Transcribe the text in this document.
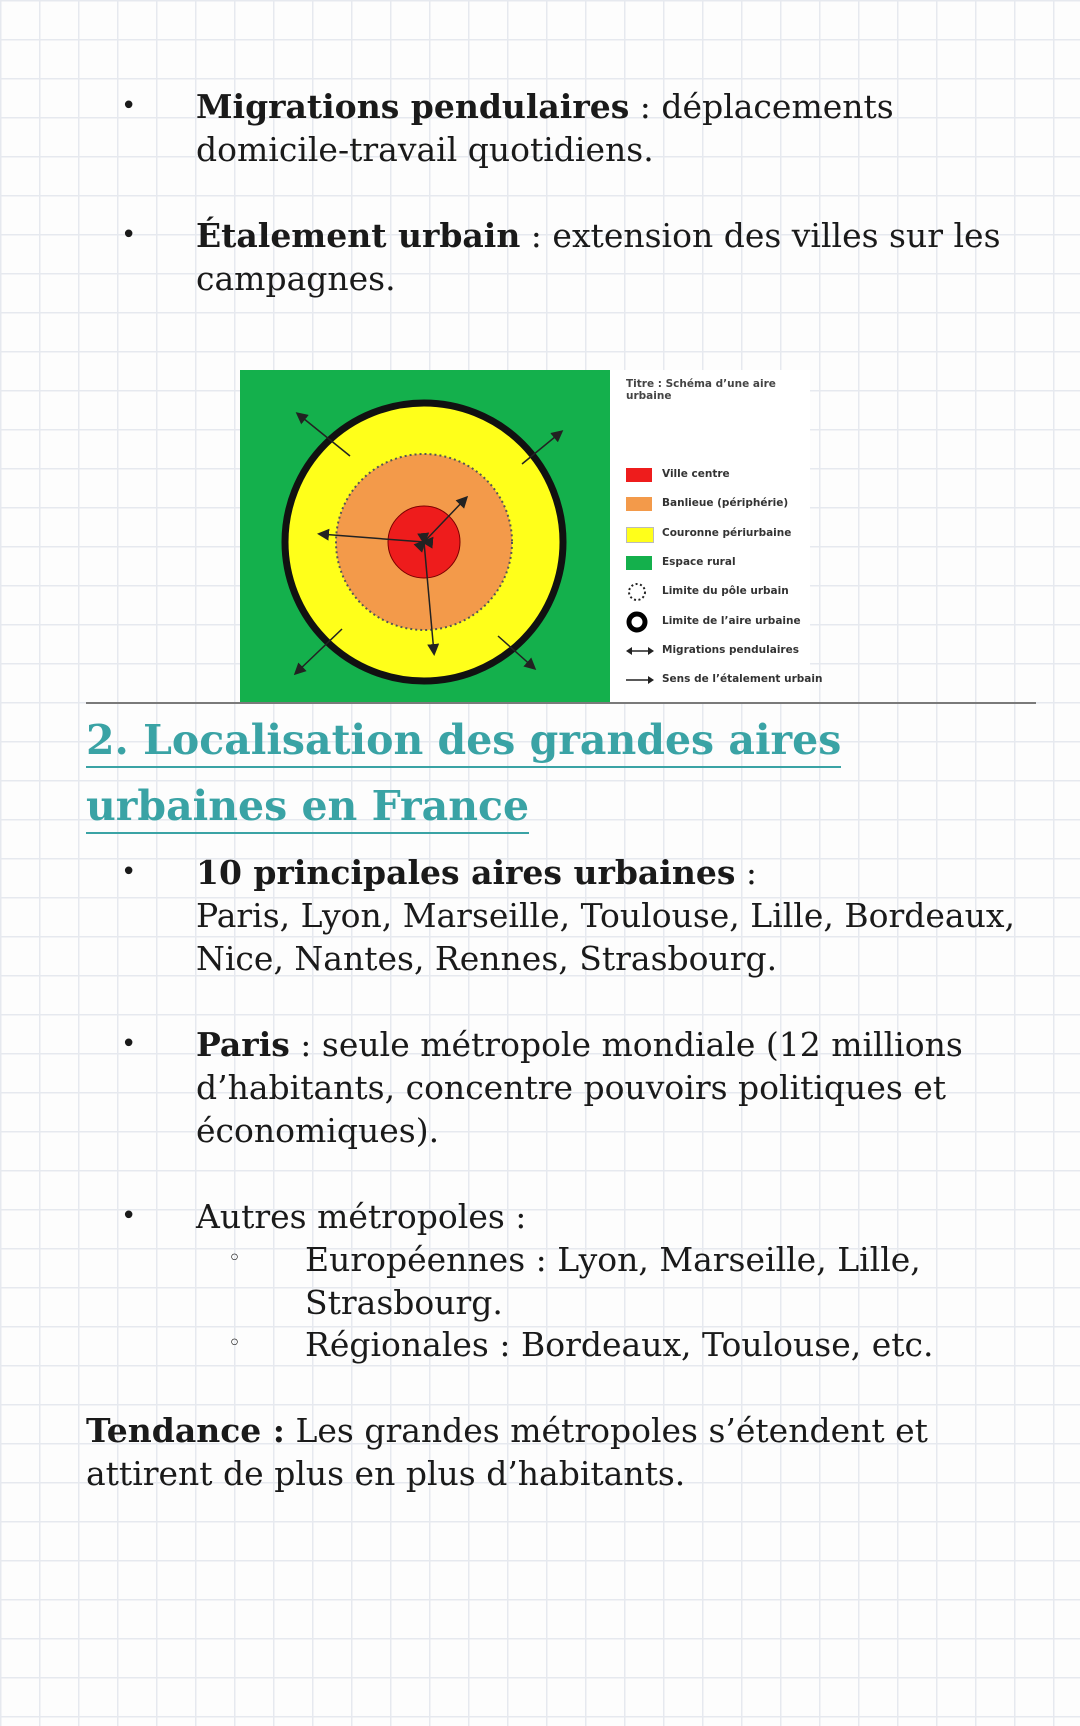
• Migrations pendulaires : déplacements domicile-travail quotidiens.
• Étalement urbain : extension des villes sur les campagnes.
Titre : Schéma d’une aire urbaine
Ville centre
Banlieue (périphérie)
Couronne périurbaine
Espace rural
Limite du pôle urbain
Limite de l’aire urbaine
Migrations pendulaires
Sens de l’étalement urbain
2. Localisation des grandes aires
urbaines en France
• 10 principales aires urbaines :
Paris, Lyon, Marseille, Toulouse, Lille, Bordeaux, Nice, Nantes, Rennes, Strasbourg.
• Paris : seule métropole mondiale (12 millions d’habitants, concentre pouvoirs politiques et économiques).
• Autres métropoles :
◦ Européennes : Lyon, Marseille, Lille, Strasbourg.
◦ Régionales : Bordeaux, Toulouse, etc.
Tendance : Les grandes métropoles s’étendent et attirent de plus en plus d’habitants.
